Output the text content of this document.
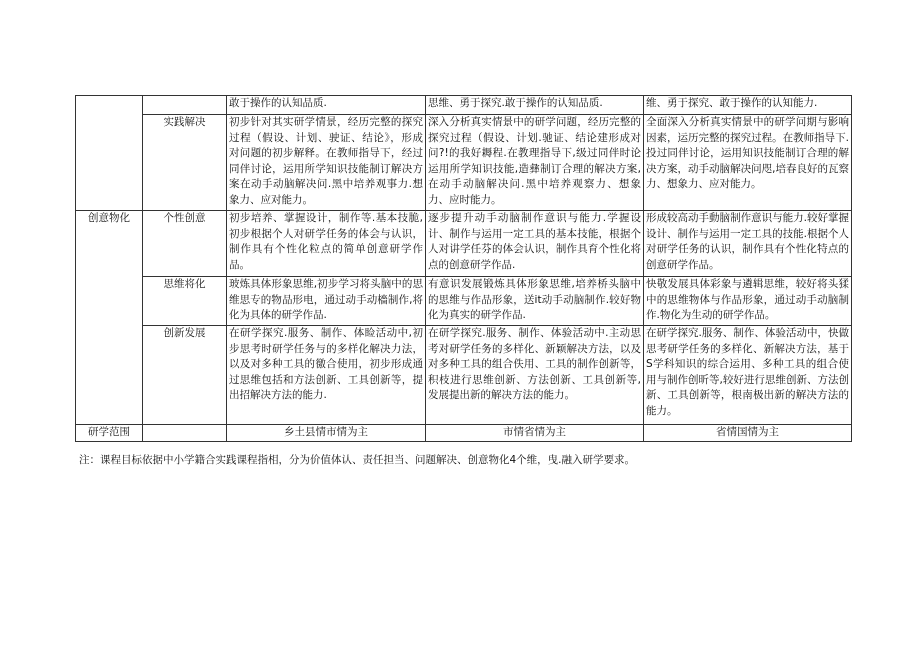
		敢于操作的认知品质.	思维、勇于探究.敢于操作的认知品质.	维、勇于探究、敢于操作的认知能力.
	实践解决	初步针对其实研学情景，经历完整的探究过程（假设、计划、驶证、结论》，形成对问题的初步解释。在教师指导下，经过同伴讨论，运用所学知识技能制订解决方案在动手动脑解决问.黑中培养观事力.想象力、应对能力。	深入分析真实情景中的研学问题，经历完整的探究过程（假设、计划.驰证、结论建形成对问?!的我好耨程.在教理指导下,级过同伴时论运用所学知识技能,造彝制订合理的解决方案,在动手动脑解决问.黑中培养观察力、想象力、应时能力。	全面深入分析真实情景中的研学问期与影响因素，运历完整的探究过程。在教师指导下.投过同伴讨论，运用知识技能制订合理的解决方案，动手动脑解决问咫,培春良好的瓦察力、想象力、应对能力。
创意物化	个性创意	初步培养、掌握设计，制作等.基本技脆,初步根据个人对研学任务的体会与认识，制作具有个性化粒点的简单创意研学作品。	逐步提升动手动脑制作意识与能力.学握设计、制作与运用一定工具的基本技能，根据个人对讲学任芬的体会认识，制作具育个性化将点的创意研学作品.	形成较高动手動脑制作意识与能力.较好掌握设计、制作与运用一定工具的技能.根据个人对研学任务的认识，制作具有个性化特点的创意研学作品。
	思维将化	玻炼具体形象思维,初步学习将头脑中的思维思专的物品形电，通过动手动檣制作,将化为具体的研学作品.	有意识发展锻炼具体形象思维,培养桥头脑中的思维与作品形象，送it动手动脑制作.较好物化为真实的研学作品.	快敬发展具体彩象与遴辑思维，较好将头猱中的思维物体与作品形象，通过动手动脑制作.物化为生动的研学作品。
	创新发展	在研学探究.服务、制作、体睑活动中,初步思考时研学任务与的多样化解决力法，以及对多种工具的徼合使用，初步形成通过思维包括和方法创新、工具创新等，提出招解决方法的能力.	在研学探究.服务、制作、体验活动中.主动思考对研学任务的多样化、新颖解决方法，以及对多种工具的组合佚用、工具的制作创新等，积枝进行思维创新、方法创新、工具创新等,发展提出新的解决方法的能力。	在研学探究.服务、制作、体验活动中，快做思考研学任务的多样化、新解决方法，基于S学科知识的综合运用、多种工具的组合使用与制作创昕等,较好进行思维创新、方法创新、工具创新等，根南极出新的解决方法的能力。
研学范围		乡土县情市情为主	市情省情为主	省情国情为主
注：课程目标依据中小学籍合实践课程指相，分为价值体认、责任担当、问题解决、创意物化4个维，曳.融入研学要求。
